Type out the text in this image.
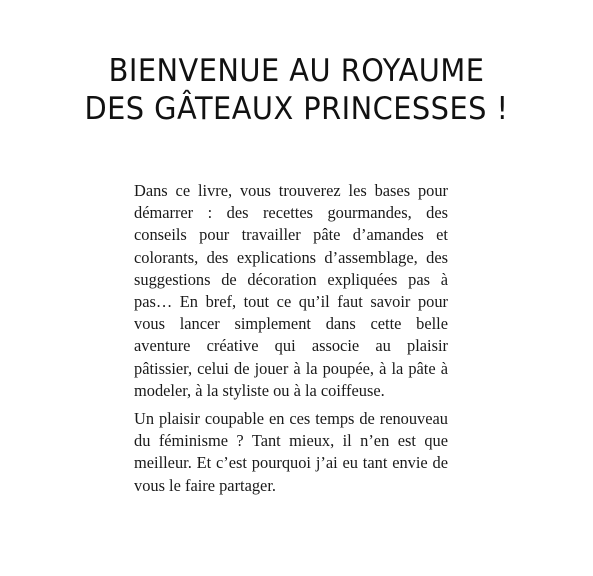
BIENVENUE AU ROYAUME
DES GÂTEAUX PRINCESSES !

Dans ce livre, vous trouverez les bases pour démarrer : des recettes gourmandes, des conseils pour travailler pâte d’amandes et colorants, des explications d’assemblage, des suggestions de décoration expliquées pas à pas… En bref, tout ce qu’il faut savoir pour vous lancer simplement dans cette belle aventure créative qui associe au plaisir pâtissier, celui de jouer à la poupée, à la pâte à modeler, à la styliste ou à la coiffeuse.

Un plaisir coupable en ces temps de renouveau du féminisme ? Tant mieux, il n’en est que meilleur. Et c’est pourquoi j’ai eu tant envie de vous le faire partager.
